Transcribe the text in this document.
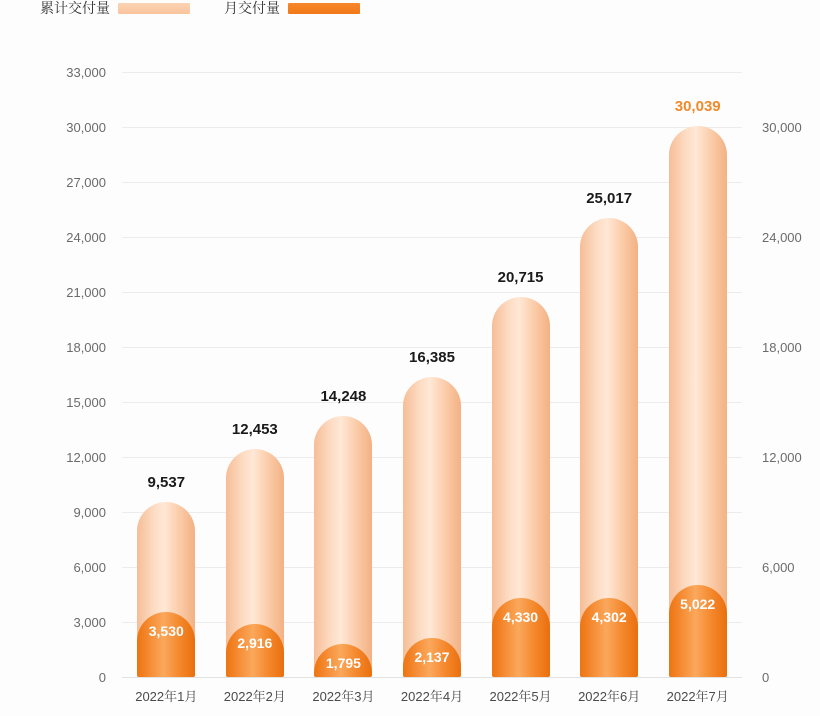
累计交付量	月交付量
0
3,000
6,000
9,000
12,000
15,000
18,000
21,000
24,000
27,000
30,000
33,000
0
6,000
12,000
18,000
24,000
30,000
9,537
3,530
2022年1月
12,453
2,916
2022年2月
14,248
1,795
2022年3月
16,385
2,137
2022年4月
20,715
4,330
2022年5月
25,017
4,302
2022年6月
30,039
5,022
2022年7月
